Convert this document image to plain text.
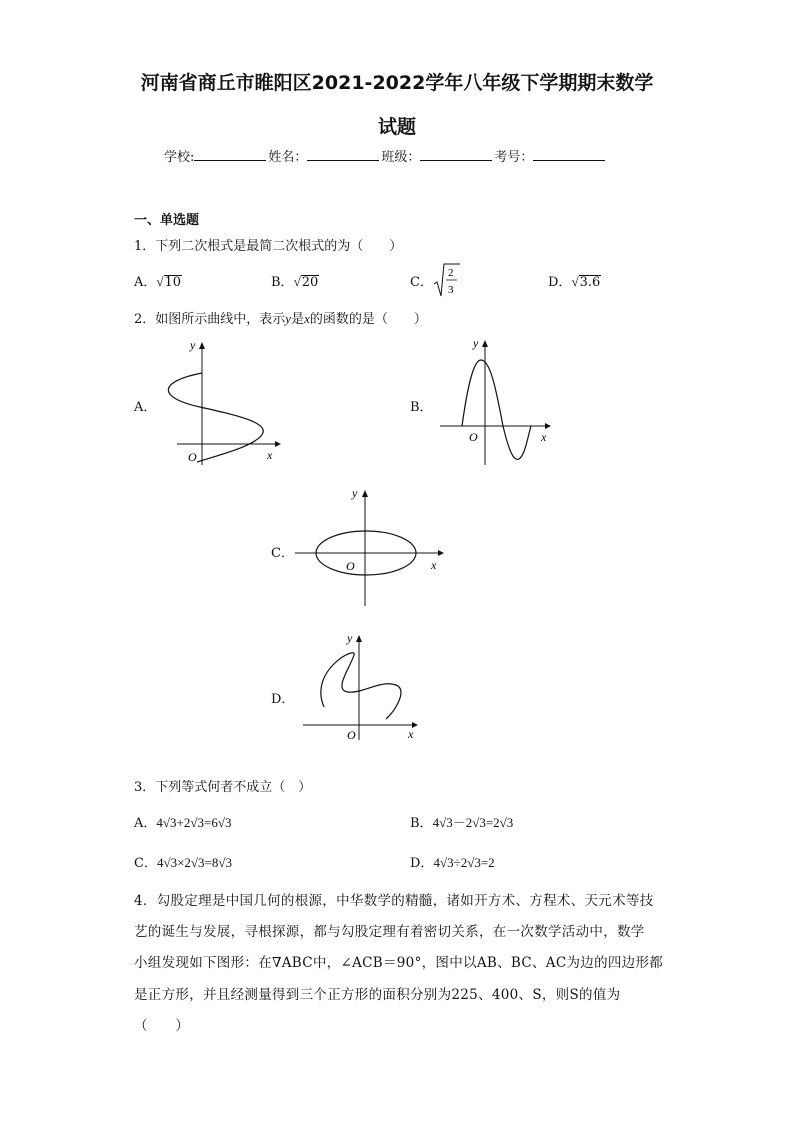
河南省商丘市睢阳区2021-2022学年八年级下学期期末数学
试题
学校:	姓名：	班级：	考号：
一、单选题
1．下列二次根式是最简二次根式的为（　　）
A．√10	B．√20	C．
2
3	D．√3.6
2．如图所示曲线中，表示y是x的函数的是（　　）
A．
y
x
O
B．
y
x
O
C．
y
x
O
D．
y
x
O
3．下列等式何者不成立（　）
A．4√3+2√3=6√3	B．4√3－2√3=2√3
C．4√3×2√3=8√3	D．4√3÷2√3=2
4．勾股定理是中国几何的根源，中华数学的精髓，诸如开方术、方程术、天元术等技
艺的诞生与发展，寻根探源，都与勾股定理有着密切关系，在一次数学活动中，数学
小组发现如下图形：在∇ABC中，∠ACB＝90°，图中以AB、BC、AC为边的四边形都
是正方形，并且经测量得到三个正方形的面积分别为225、400、S，则S的值为
（　　）
